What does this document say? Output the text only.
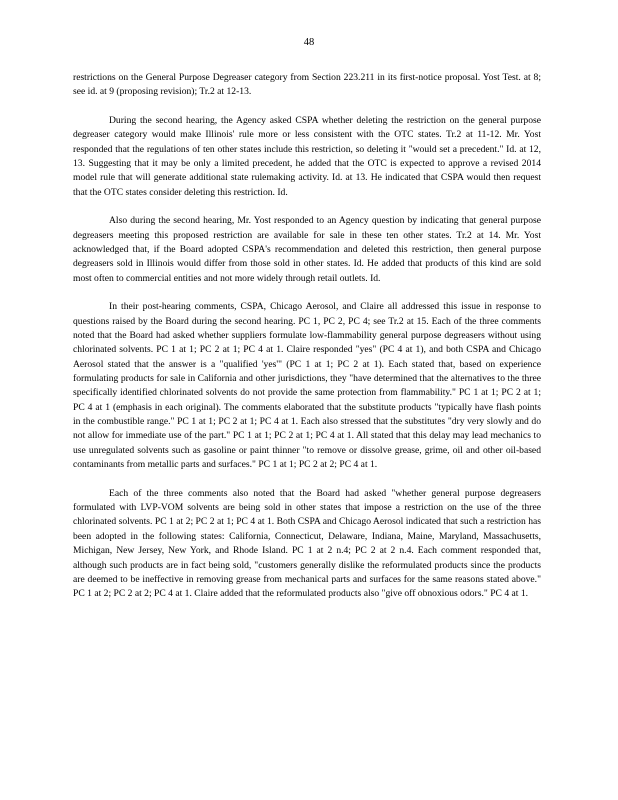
48

restrictions on the General Purpose Degreaser category from Section 223.211 in its first-notice proposal. Yost Test. at 8; see id. at 9 (proposing revision); Tr.2 at 12-13.

During the second hearing, the Agency asked CSPA whether deleting the restriction on the general purpose degreaser category would make Illinois' rule more or less consistent with the OTC states. Tr.2 at 11-12. Mr. Yost responded that the regulations of ten other states include this restriction, so deleting it "would set a precedent." Id. at 12, 13. Suggesting that it may be only a limited precedent, he added that the OTC is expected to approve a revised 2014 model rule that will generate additional state rulemaking activity. Id. at 13. He indicated that CSPA would then request that the OTC states consider deleting this restriction. Id.

Also during the second hearing, Mr. Yost responded to an Agency question by indicating that general purpose degreasers meeting this proposed restriction are available for sale in these ten other states. Tr.2 at 14. Mr. Yost acknowledged that, if the Board adopted CSPA's recommendation and deleted this restriction, then general purpose degreasers sold in Illinois would differ from those sold in other states. Id. He added that products of this kind are sold most often to commercial entities and not more widely through retail outlets. Id.

In their post-hearing comments, CSPA, Chicago Aerosol, and Claire all addressed this issue in response to questions raised by the Board during the second hearing. PC 1, PC 2, PC 4; see Tr.2 at 15. Each of the three comments noted that the Board had asked whether suppliers formulate low-flammability general purpose degreasers without using chlorinated solvents. PC 1 at 1; PC 2 at 1; PC 4 at 1. Claire responded "yes" (PC 4 at 1), and both CSPA and Chicago Aerosol stated that the answer is a "qualified 'yes'" (PC 1 at 1; PC 2 at 1). Each stated that, based on experience formulating products for sale in California and other jurisdictions, they "have determined that the alternatives to the three specifically identified chlorinated solvents do not provide the same protection from flammability." PC 1 at 1; PC 2 at 1; PC 4 at 1 (emphasis in each original). The comments elaborated that the substitute products "typically have flash points in the combustible range." PC 1 at 1; PC 2 at 1; PC 4 at 1. Each also stressed that the substitutes "dry very slowly and do not allow for immediate use of the part." PC 1 at 1; PC 2 at 1; PC 4 at 1. All stated that this delay may lead mechanics to use unregulated solvents such as gasoline or paint thinner "to remove or dissolve grease, grime, oil and other oil-based contaminants from metallic parts and surfaces." PC 1 at 1; PC 2 at 2; PC 4 at 1.

Each of the three comments also noted that the Board had asked "whether general purpose degreasers formulated with LVP-VOM solvents are being sold in other states that impose a restriction on the use of the three chlorinated solvents. PC 1 at 2; PC 2 at 1; PC 4 at 1. Both CSPA and Chicago Aerosol indicated that such a restriction has been adopted in the following states: California, Connecticut, Delaware, Indiana, Maine, Maryland, Massachusetts, Michigan, New Jersey, New York, and Rhode Island. PC 1 at 2 n.4; PC 2 at 2 n.4. Each comment responded that, although such products are in fact being sold, "customers generally dislike the reformulated products since the products are deemed to be ineffective in removing grease from mechanical parts and surfaces for the same reasons stated above." PC 1 at 2; PC 2 at 2; PC 4 at 1. Claire added that the reformulated products also "give off obnoxious odors." PC 4 at 1.
